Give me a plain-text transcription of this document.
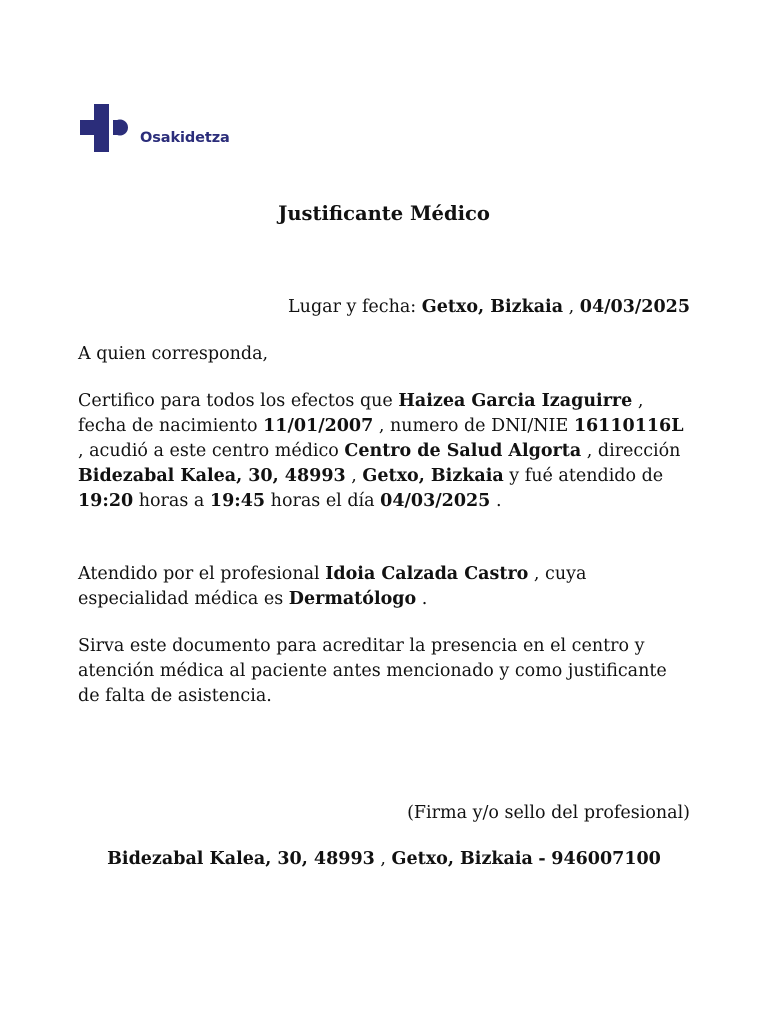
Osakidetza
Justificante Médico

Lugar y fecha: Getxo, Bizkaia , 04/03/2025

A quien corresponda,

Certifico para todos los efectos que Haizea Garcia Izaguirre , fecha de nacimiento 11/01/2007 , numero de DNI/NIE 16110116L , acudió a este centro médico Centro de Salud Algorta , dirección Bidezabal Kalea, 30, 48993 , Getxo, Bizkaia y fué atendido de 19:20 horas a 19:45 horas el día 04/03/2025 .

Atendido por el profesional Idoia Calzada Castro , cuya especialidad médica es Dermatólogo .

Sirva este documento para acreditar la presencia en el centro y atención médica al paciente antes mencionado y como justificante de falta de asistencia.

(Firma y/o sello del profesional)

Bidezabal Kalea, 30, 48993 , Getxo, Bizkaia - 946007100
